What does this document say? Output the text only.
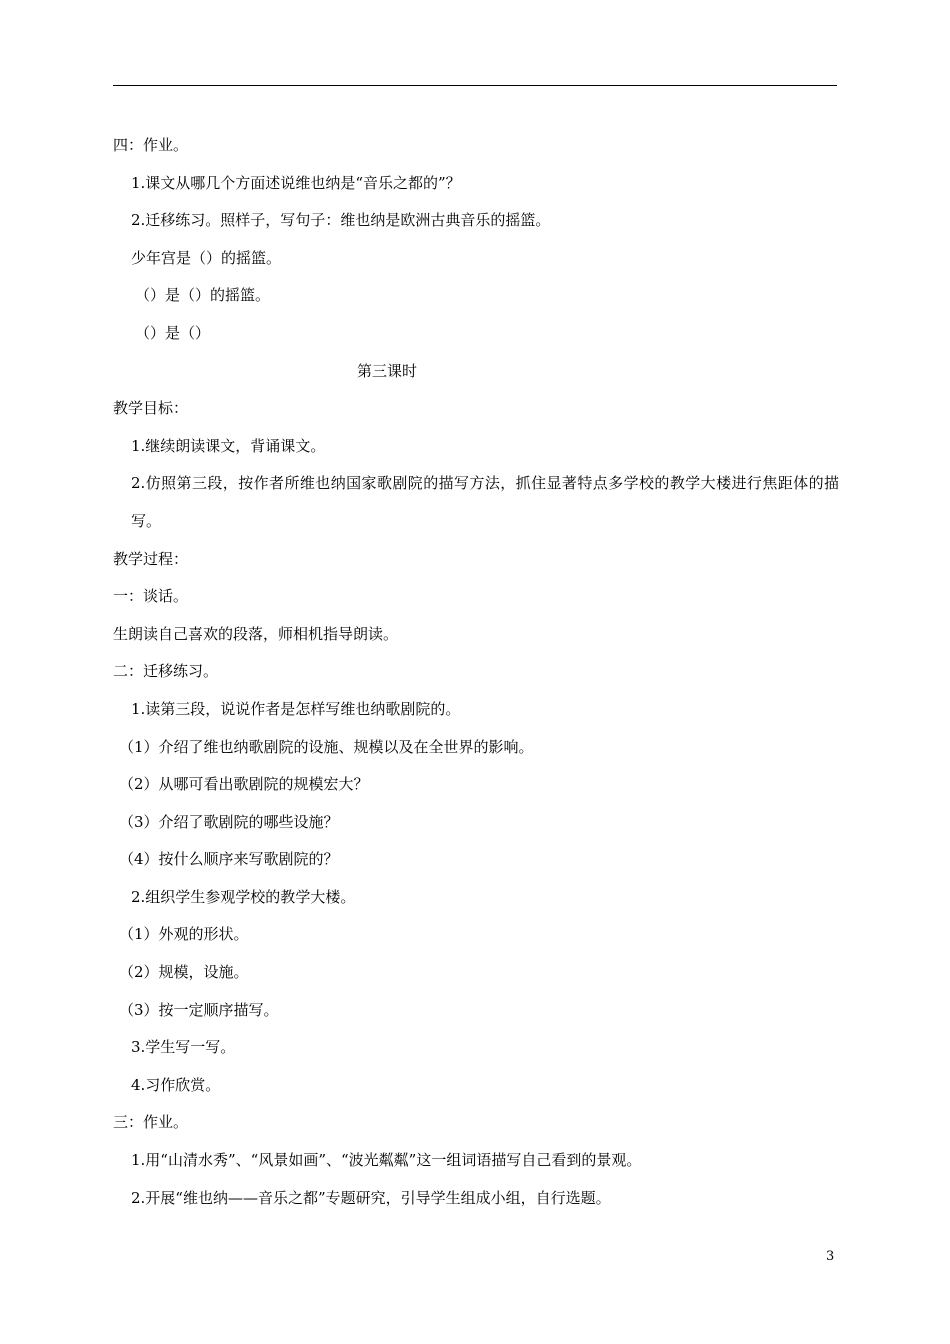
四：作业。
1.课文从哪几个方面述说维也纳是“音乐之都的”？
2.迁移练习。照样子，写句子：维也纳是欧洲古典音乐的摇篮。
少年宫是（）的摇篮。
（）是（）的摇篮。
（）是（）
第三课时
教学目标：
1.继续朗读课文，背诵课文。
2.仿照第三段，按作者所维也纳国家歌剧院的描写方法，抓住显著特点多学校的教学大楼进行焦距体的描写。
教学过程：
一：谈话。
生朗读自己喜欢的段落，师相机指导朗读。
二：迁移练习。
1.读第三段，说说作者是怎样写维也纳歌剧院的。
（1）介绍了维也纳歌剧院的设施、规模以及在全世界的影响。
（2）从哪可看出歌剧院的规模宏大？
（3）介绍了歌剧院的哪些设施？
（4）按什么顺序来写歌剧院的？
2.组织学生参观学校的教学大楼。
（1）外观的形状。
（2）规模，设施。
（3）按一定顺序描写。
3.学生写一写。
4.习作欣赏。
三：作业。
1.用“山清水秀”、“风景如画”、“波光粼粼”这一组词语描写自己看到的景观。
2.开展“维也纳——音乐之都”专题研究，引导学生组成小组，自行选题。
3
